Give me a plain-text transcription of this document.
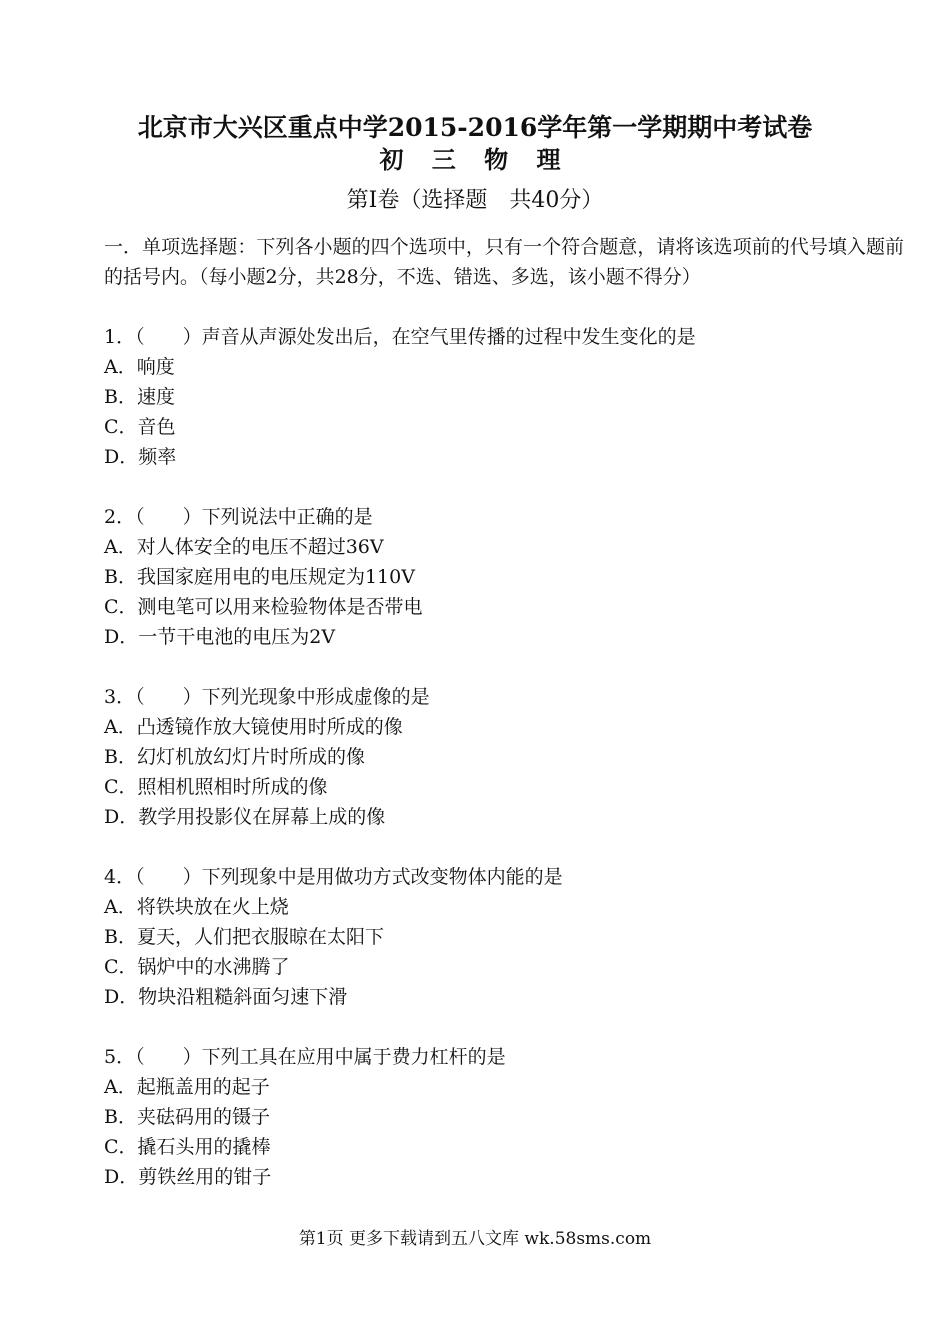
北京市大兴区重点中学2015-2016学年第一学期期中考试卷
初 三 物 理
第Ⅰ卷（选择题　共40分）
一．单项选择题：下列各小题的四个选项中，只有一个符合题意，请将该选项前的代号填入题前的括号内。（每小题2分，共28分，不选、错选、多选，该小题不得分）
1．（　　）声音从声源处发出后，在空气里传播的过程中发生变化的是
A．响度
B．速度
C．音色
D．频率
2．（　　）下列说法中正确的是
A．对人体安全的电压不超过36V
B．我国家庭用电的电压规定为110V
C．测电笔可以用来检验物体是否带电
D．一节干电池的电压为2V
3．（　　）下列光现象中形成虚像的是
A．凸透镜作放大镜使用时所成的像
B．幻灯机放幻灯片时所成的像
C．照相机照相时所成的像
D．教学用投影仪在屏幕上成的像
4．（　　）下列现象中是用做功方式改变物体内能的是
A．将铁块放在火上烧
B．夏天，人们把衣服晾在太阳下
C．锅炉中的水沸腾了
D．物块沿粗糙斜面匀速下滑
5．（　　）下列工具在应用中属于费力杠杆的是
A．起瓶盖用的起子
B．夹砝码用的镊子
C．撬石头用的撬棒
D．剪铁丝用的钳子
第1页 更多下载请到五八文库 wk.58sms.com
